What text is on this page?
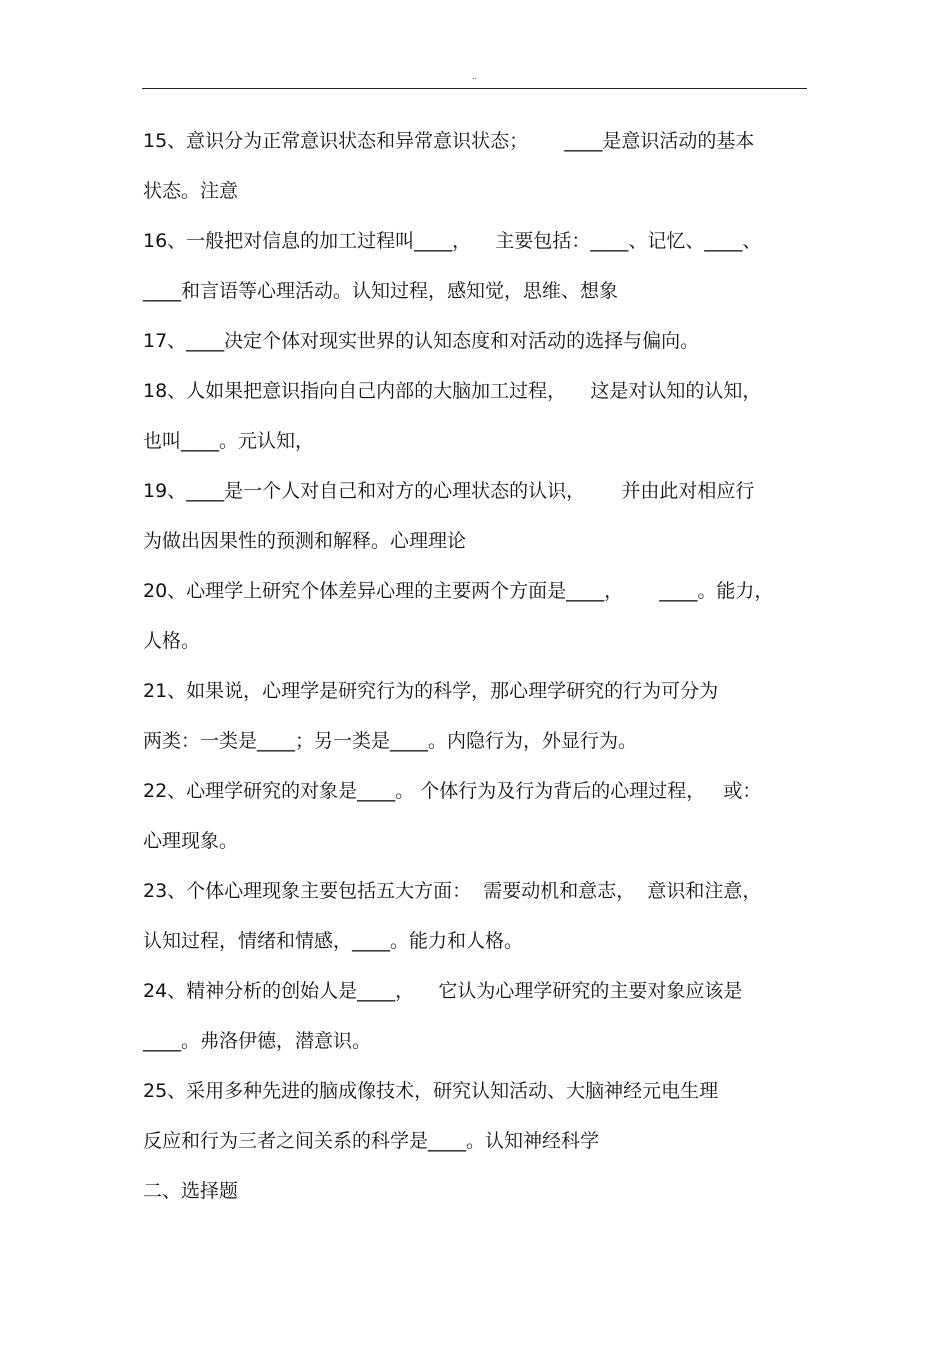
..
15、意识分为正常意识状态和异常意识状态；      ____是意识活动的基本
状态。注意
16、一般把对信息的加工过程叫____，    主要包括：____、记忆、____、
____和言语等心理活动。认知过程，感知觉，思维、想象
17、____决定个体对现实世界的认知态度和对活动的选择与偏向。
18、人如果把意识指向自己内部的大脑加工过程，    这是对认知的认知，
也叫____。元认知，
19、____是一个人对自己和对方的心理状态的认识，      并由此对相应行
为做出因果性的预测和解释。心理理论
20、心理学上研究个体差异心理的主要两个方面是____，      ____。能力，
人格。
21、如果说，心理学是研究行为的科学，那心理学研究的行为可分为
两类：一类是____；另一类是____。内隐行为，外显行为。
22、心理学研究的对象是____。 个体行为及行为背后的心理过程，   或：
心理现象。
23、个体心理现象主要包括五大方面：  需要动机和意志，  意识和注意，
认知过程，情绪和情感，____。能力和人格。
24、精神分析的创始人是____，    它认为心理学研究的主要对象应该是
____。弗洛伊德，潜意识。
25、采用多种先进的脑成像技术，研究认知活动、大脑神经元电生理
反应和行为三者之间关系的科学是____。认知神经科学
二、选择题
